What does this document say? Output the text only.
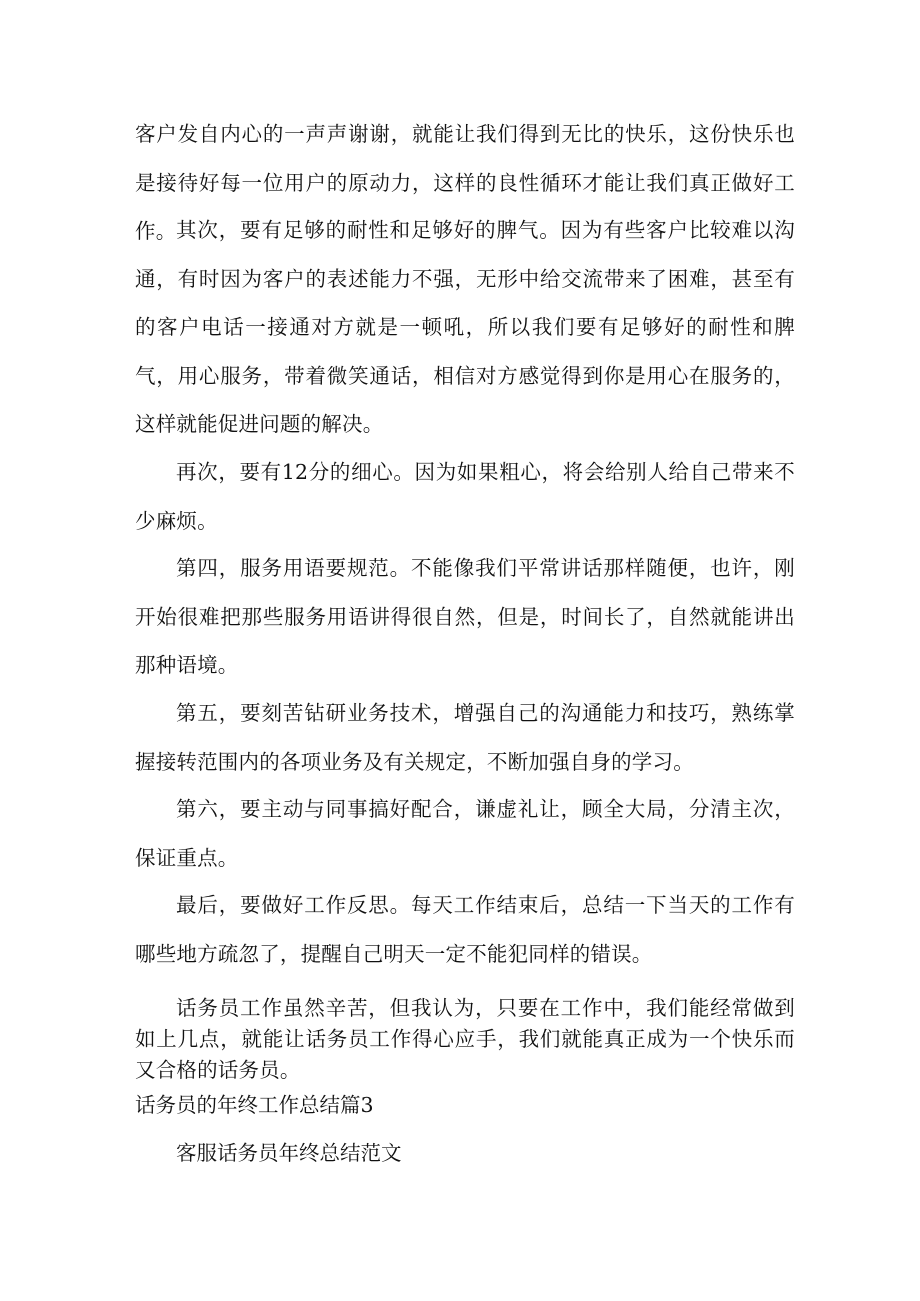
客户发自内心的一声声谢谢，就能让我们得到无比的快乐，这份快乐也是接待好每一位用户的原动力，这样的良性循环才能让我们真正做好工作。 其次，要有足够的耐性和足够好的脾气。因为有些客户比较难以沟通，有时因为客户的表述能力不强，无形中给交流带来了困难，甚至有的客户电话一接通对方就是一顿吼，所以我们要有足够好的耐性和脾气，用心服务，带着微笑通话，相信对方感觉得到你是用心在服务的，这样就能促进问题的解决。

再次，要有12分的细心。因为如果粗心，将会给别人给自己带来不少麻烦。

第四，服务用语要规范。不能像我们平常讲话那样随便，也许，刚开始很难把那些服务用语讲得很自然，但是，时间长了，自然就能讲出那种语境。

第五，要刻苦钻研业务技术，增强自己的沟通能力和技巧，熟练掌握接转范围内的各项业务及有关规定，不断加强自身的学习。

第六，要主动与同事搞好配合，谦虚礼让，顾全大局，分清主次，保证重点。

最后，要做好工作反思。每天工作结束后，总结一下当天的工作有哪些地方疏忽了，提醒自己明天一定不能犯同样的错误。

话务员工作虽然辛苦，但我认为，只要在工作中，我们能经常做到如上几点，就能让话务员工作得心应手，我们就能真正成为一个快乐而又合格的话务员。

话务员的年终工作总结篇3
客服话务员年终总结范文
